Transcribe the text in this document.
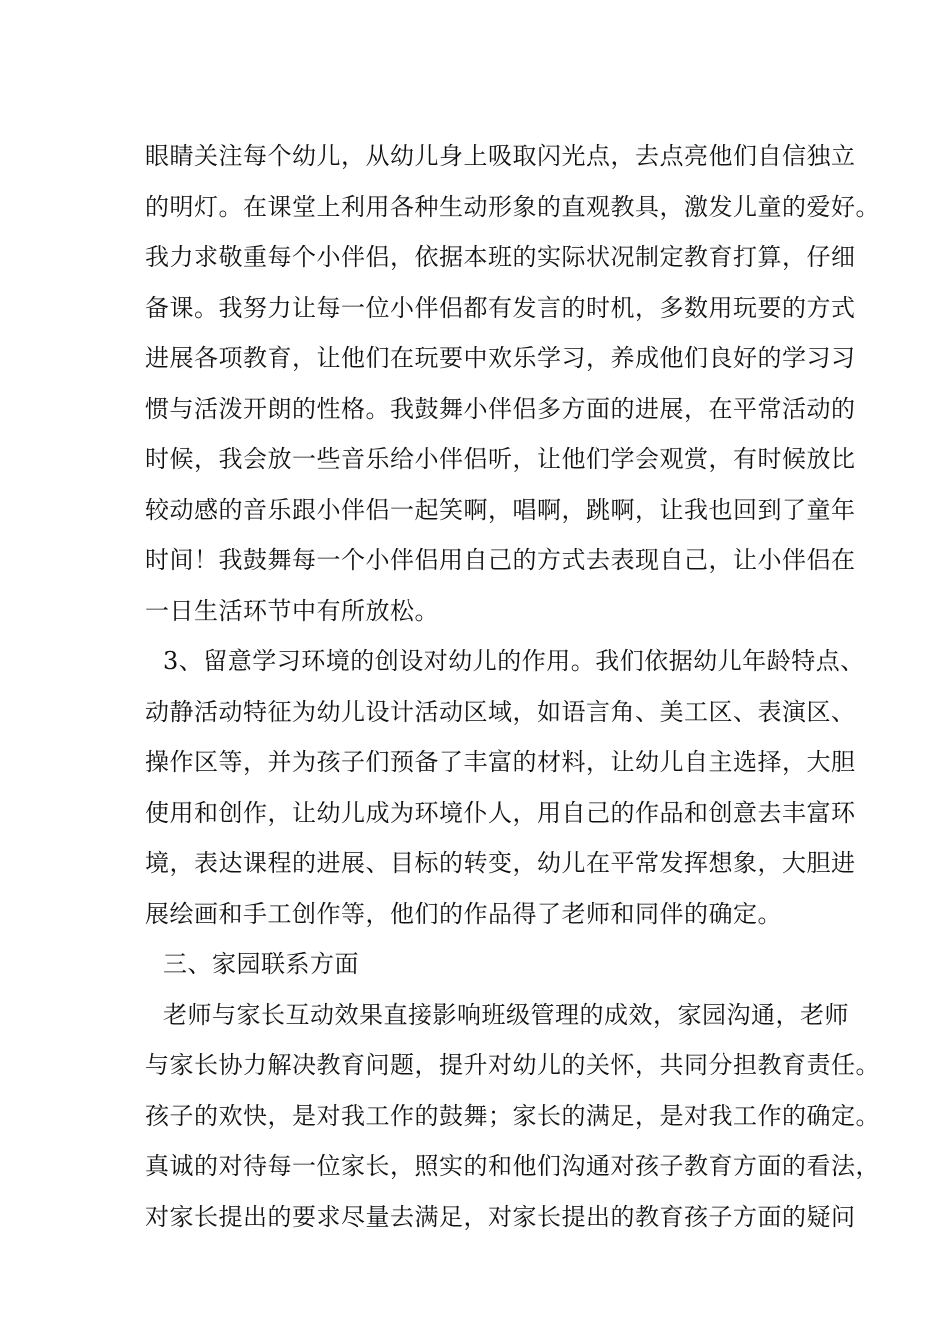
眼睛关注每个幼儿，从幼儿身上吸取闪光点，去点亮他们自信独立
的明灯。在课堂上利用各种生动形象的直观教具，激发儿童的爱好。
我力求敬重每个小伴侣，依据本班的实际状况制定教育打算，仔细
备课。我努力让每一位小伴侣都有发言的时机，多数用玩要的方式
进展各项教育，让他们在玩要中欢乐学习，养成他们良好的学习习
惯与活泼开朗的性格。我鼓舞小伴侣多方面的进展，在平常活动的
时候，我会放一些音乐给小伴侣听，让他们学会观赏，有时候放比
较动感的音乐跟小伴侣一起笑啊，唱啊，跳啊，让我也回到了童年
时间！我鼓舞每一个小伴侣用自己的方式去表现自己，让小伴侣在
一日生活环节中有所放松。
3、留意学习环境的创设对幼儿的作用。我们依据幼儿年龄特点、
动静活动特征为幼儿设计活动区域，如语言角、美工区、表演区、
操作区等，并为孩子们预备了丰富的材料，让幼儿自主选择，大胆
使用和创作，让幼儿成为环境仆人，用自己的作品和创意去丰富环
境，表达课程的进展、目标的转变，幼儿在平常发挥想象，大胆进
展绘画和手工创作等，他们的作品得了老师和同伴的确定。
三、家园联系方面
老师与家长互动效果直接影响班级管理的成效，家园沟通，老师
与家长协力解决教育问题，提升对幼儿的关怀，共同分担教育责任。
孩子的欢快，是对我工作的鼓舞；家长的满足，是对我工作的确定。
真诚的对待每一位家长，照实的和他们沟通对孩子教育方面的看法，
对家长提出的要求尽量去满足，对家长提出的教育孩子方面的疑问
